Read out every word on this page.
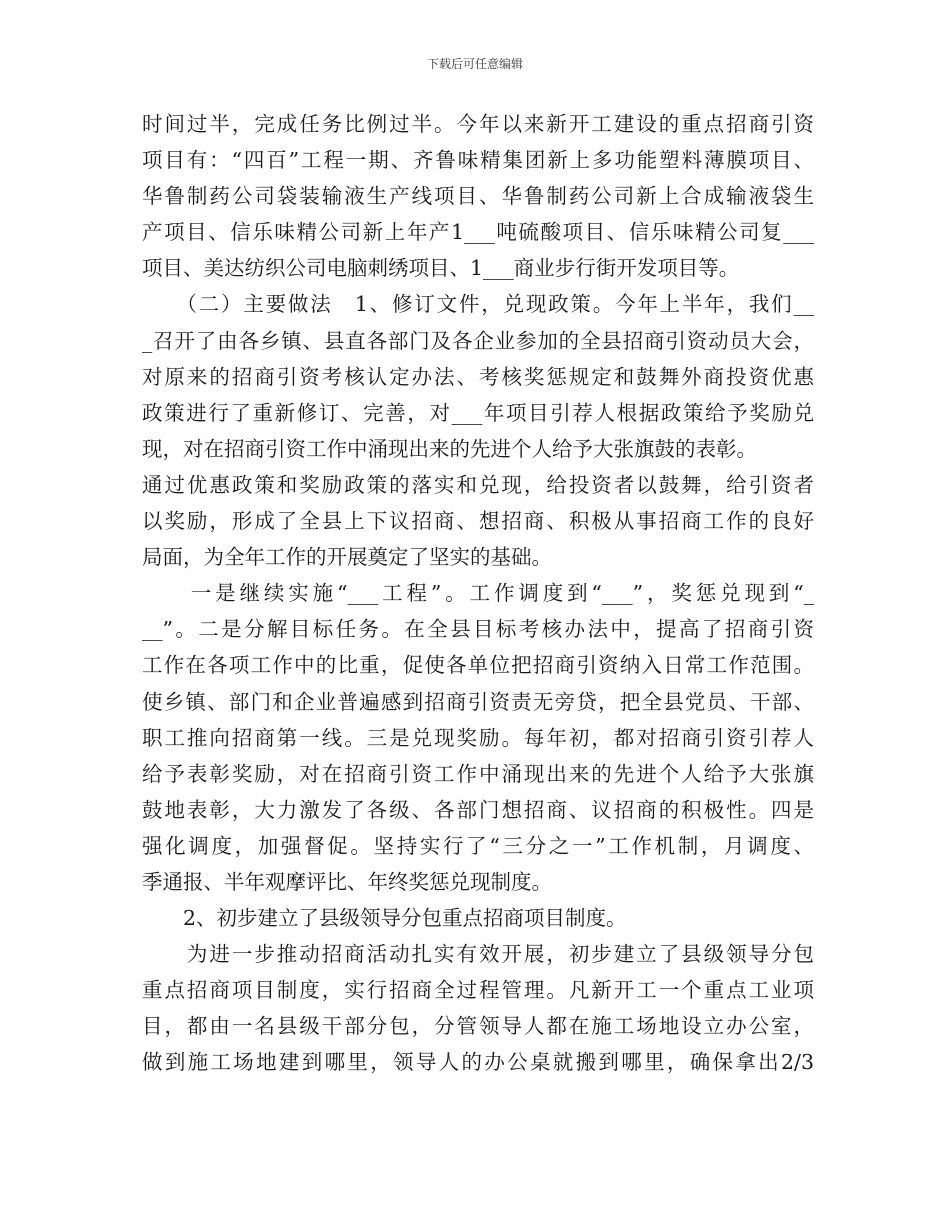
下载后可任意编辑
时间过半，完成任务比例过半。今年以来新开工建设的重点招商引资
项目有：“四百”工程一期、齐鲁味精集团新上多功能塑料薄膜项目、
华鲁制药公司袋装输液生产线项目、华鲁制药公司新上合成输液袋生
产项目、信乐味精公司新上年产1___吨硫酸项目、信乐味精公司复___
项目、美达纺织公司电脑刺绣项目、1___商业步行街开发项目等。
　　（二）主要做法　1、修订文件，兑现政策。今年上半年，我们__
_召开了由各乡镇、县直各部门及各企业参加的全县招商引资动员大会，
对原来的招商引资考核认定办法、考核奖惩规定和鼓舞外商投资优惠
政策进行了重新修订、完善，对___年项目引荐人根据政策给予奖励兑
现，对在招商引资工作中涌现出来的先进个人给予大张旗鼓的表彰。
通过优惠政策和奖励政策的落实和兑现，给投资者以鼓舞，给引资者
以奖励，形成了全县上下议招商、想招商、积极从事招商工作的良好
局面，为全年工作的开展奠定了坚实的基础。
　　一是继续实施“___工程”。工作调度到“___”，奖惩兑现到“_
__”。二是分解目标任务。在全县目标考核办法中，提高了招商引资
工作在各项工作中的比重，促使各单位把招商引资纳入日常工作范围。
使乡镇、部门和企业普遍感到招商引资责无旁贷，把全县党员、干部、
职工推向招商第一线。三是兑现奖励。每年初，都对招商引资引荐人
给予表彰奖励，对在招商引资工作中涌现出来的先进个人给予大张旗
鼓地表彰，大力激发了各级、各部门想招商、议招商的积极性。四是
强化调度，加强督促。坚持实行了“三分之一”工作机制，月调度、
季通报、半年观摩评比、年终奖惩兑现制度。
　　2、初步建立了县级领导分包重点招商项目制度。
　　为进一步推动招商活动扎实有效开展，初步建立了县级领导分包
重点招商项目制度，实行招商全过程管理。凡新开工一个重点工业项
目，都由一名县级干部分包，分管领导人都在施工场地设立办公室，
做到施工场地建到哪里，领导人的办公桌就搬到哪里，确保拿出2/3
